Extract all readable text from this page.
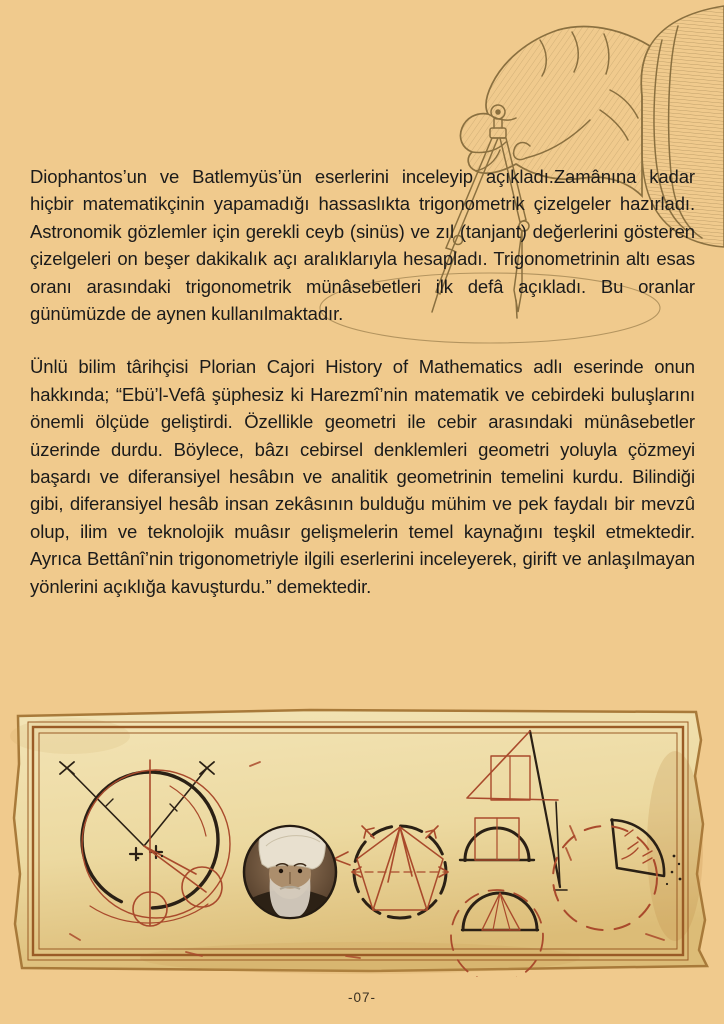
Diophantos’un ve Batlemyüs’ün eserlerini inceleyip açıkladı.Zamânına kadar hiçbir matematikçinin yapamadığı hassaslıkta trigonometrik çizelgeler hazırladı. Astronomik gözlemler için gerekli ceyb (sinüs) ve zıl (tanjant) değerlerini gösteren çizelgeleri on beşer dakikalık açı aralıklarıyla hesapladı. Trigonometrinin altı esas oranı arasındaki trigonometrik münâsebetleri ilk defâ açıkladı. Bu oranlar günümüzde de aynen kullanılmaktadır.

Ünlü bilim târihçisi Plorian Cajori History of Mathematics adlı eserinde onun hakkında; “Ebü’l-Vefâ şüphesiz ki Harezmî’nin matematik ve cebirdeki buluşlarını önemli ölçüde geliştirdi. Özellikle geometri ile cebir arasındaki münâsebetler üzerinde durdu. Böylece, bâzı cebirsel denklemleri geometri yoluyla çözmeyi başardı ve diferansiyel hesâbın ve analitik geometrinin temelini kurdu. Bilindiği gibi, diferansiyel hesâb insan zekâsının bulduğu mühim ve pek faydalı bir mevzû olup, ilim ve teknolojik muâsır gelişmelerin temel kaynağını teşkil etmektedir. Ayrıca Bettânî’nin trigonometriyle ilgili eserlerini inceleyerek, girift ve anlaşılmayan yönlerini açıklığa kavuşturdu.” demektedir.

-07-
